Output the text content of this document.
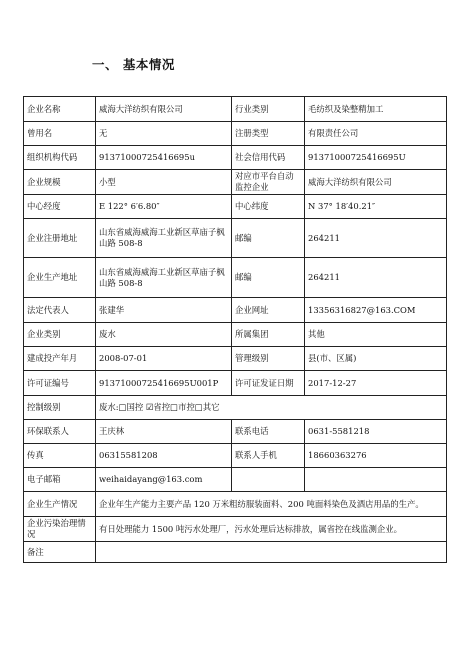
一、 基本情况
企业名称	威海大洋纺织有限公司	行业类别	毛纺织及染整精加工
曾用名	无	注册类型	有限责任公司
组织机构代码	91371000725416695u	社会信用代码	91371000725416695U
企业规模	小型	对应市平台自动监控企业	威海大洋纺织有限公司
中心经度	E 122° 6′6.80″	中心纬度	N 37° 18′40.21″
企业注册地址	山东省威海威海工业新区草庙子枫山路 508-8	邮编	264211
企业生产地址	山东省威海威海工业新区草庙子枫山路 508-8	邮编	264211
法定代表人	张建华	企业网址	13356316827@163.COM
企业类别	废水	所属集团	其他
建成投产年月	2008-07-01	管理级别	县(市、区属)
许可证编号	91371000725416695U001P	许可证发证日期	2017-12-27
控制级别	废水:□国控 ☑省控□市控□其它		
环保联系人	王庆林	联系电话	0631-5581218
传真	06315581208	联系人手机	18660363276
电子邮箱	weihaidayang@163.com		
企业生产情况	企业年生产能力主要产品 120 万米粗纺服装面料、200 吨面料染色及酒店用品的生产。		
企业污染治理情况	有日处理能力 1500 吨污水处理厂，污水处理后达标排放，属省控在线监测企业。		
备注			
